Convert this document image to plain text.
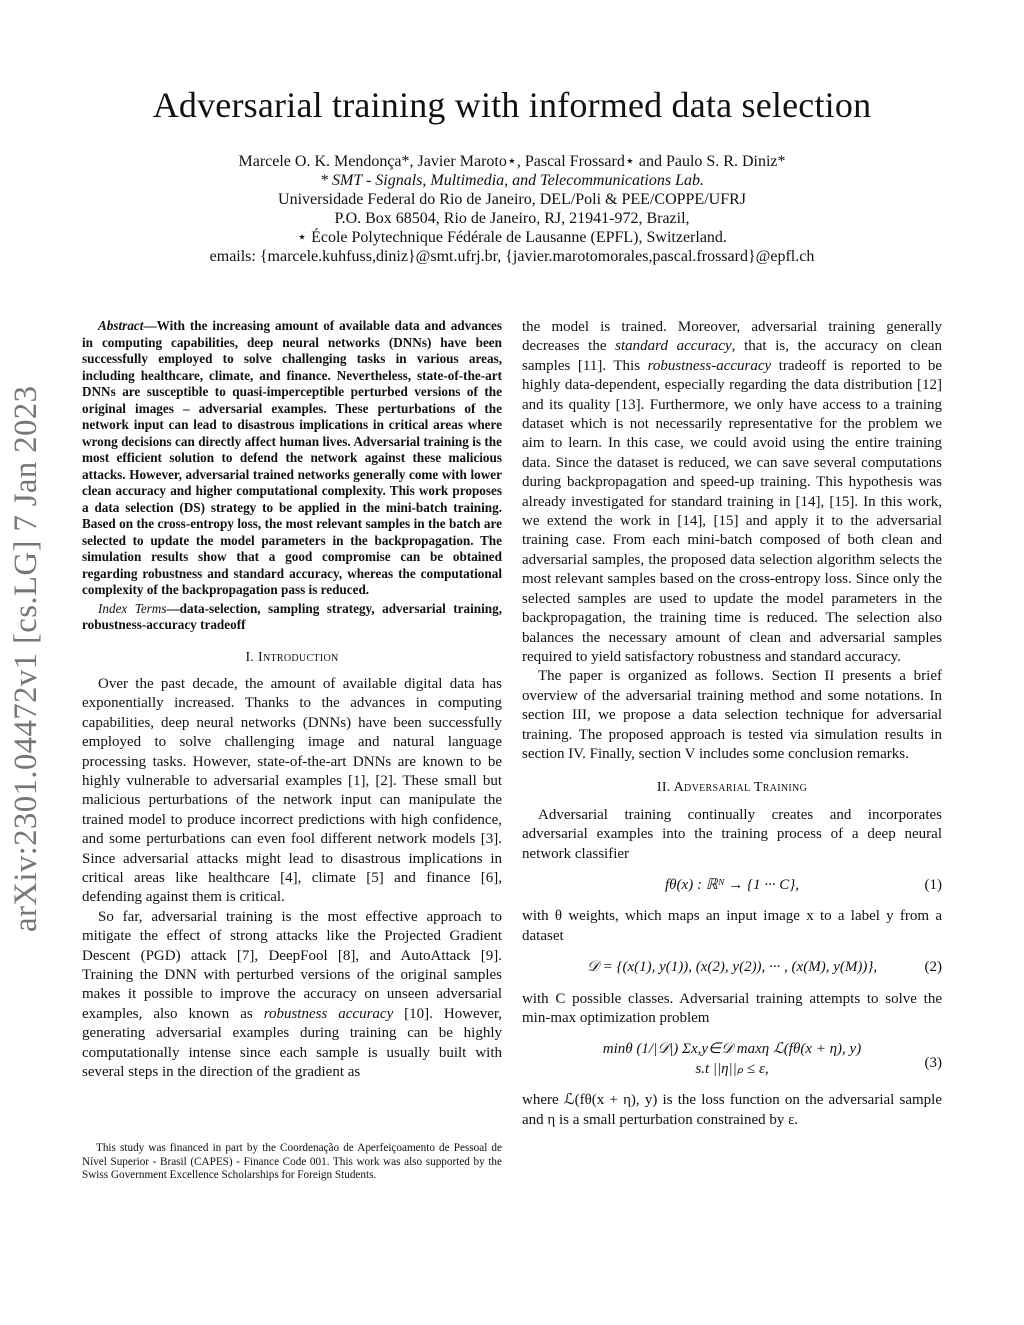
Adversarial training with informed data selection
Marcele O. K. Mendonça*, Javier Maroto⋆, Pascal Frossard⋆ and Paulo S. R. Diniz*
* SMT - Signals, Multimedia, and Telecommunications Lab.
Universidade Federal do Rio de Janeiro, DEL/Poli & PEE/COPPE/UFRJ
P.O. Box 68504, Rio de Janeiro, RJ, 21941-972, Brazil,
⋆ École Polytechnique Fédérale de Lausanne (EPFL), Switzerland.
emails: {marcele.kuhfuss,diniz}@smt.ufrj.br, {javier.marotomorales,pascal.frossard}@epfl.ch
arXiv:2301.04472v1 [cs.LG] 7 Jan 2023

Abstract—With the increasing amount of available data and advances in computing capabilities, deep neural networks (DNNs) have been successfully employed to solve challenging tasks in various areas, including healthcare, climate, and finance. Nevertheless, state-of-the-art DNNs are susceptible to quasi-imperceptible perturbed versions of the original images – adversarial examples. These perturbations of the network input can lead to disastrous implications in critical areas where wrong decisions can directly affect human lives. Adversarial training is the most efficient solution to defend the network against these malicious attacks. However, adversarial trained networks generally come with lower clean accuracy and higher computational complexity. This work proposes a data selection (DS) strategy to be applied in the mini-batch training. Based on the cross-entropy loss, the most relevant samples in the batch are selected to update the model parameters in the backpropagation. The simulation results show that a good compromise can be obtained regarding robustness and standard accuracy, whereas the computational complexity of the backpropagation pass is reduced.

Index Terms—data-selection, sampling strategy, adversarial training, robustness-accuracy tradeoff

I. Introduction

Over the past decade, the amount of available digital data has exponentially increased. Thanks to the advances in computing capabilities, deep neural networks (DNNs) have been successfully employed to solve challenging image and natural language processing tasks. However, state-of-the-art DNNs are known to be highly vulnerable to adversarial examples [1], [2]. These small but malicious perturbations of the network input can manipulate the trained model to produce incorrect predictions with high confidence, and some perturbations can even fool different network models [3]. Since adversarial attacks might lead to disastrous implications in critical areas like healthcare [4], climate [5] and finance [6], defending against them is critical.

So far, adversarial training is the most effective approach to mitigate the effect of strong attacks like the Projected Gradient Descent (PGD) attack [7], DeepFool [8], and AutoAttack [9]. Training the DNN with perturbed versions of the original samples makes it possible to improve the accuracy on unseen adversarial examples, also known as robustness accuracy [10]. However, generating adversarial examples during training can be highly computationally intense since each sample is usually built with several steps in the direction of the gradient as

This study was financed in part by the Coordenação de Aperfeiçoamento de Pessoal de Nível Superior - Brasil (CAPES) - Finance Code 001. This work was also supported by the Swiss Government Excellence Scholarships for Foreign Students.

the model is trained. Moreover, adversarial training generally decreases the standard accuracy, that is, the accuracy on clean samples [11]. This robustness-accuracy tradeoff is reported to be highly data-dependent, especially regarding the data distribution [12] and its quality [13]. Furthermore, we only have access to a training dataset which is not necessarily representative for the problem we aim to learn. In this case, we could avoid using the entire training data. Since the dataset is reduced, we can save several computations during backpropagation and speed-up training. This hypothesis was already investigated for standard training in [14], [15]. In this work, we extend the work in [14], [15] and apply it to the adversarial training case. From each mini-batch composed of both clean and adversarial samples, the proposed data selection algorithm selects the most relevant samples based on the cross-entropy loss. Since only the selected samples are used to update the model parameters in the backpropagation, the training time is reduced. The selection also balances the necessary amount of clean and adversarial samples required to yield satisfactory robustness and standard accuracy.

The paper is organized as follows. Section II presents a brief overview of the adversarial training method and some notations. In section III, we propose a data selection technique for adversarial training. The proposed approach is tested via simulation results in section IV. Finally, section V includes some conclusion remarks.

II. Adversarial Training

Adversarial training continually creates and incorporates adversarial examples into the training process of a deep neural network classifier

fθ(x) : ℝᴺ → {1 ··· C},	(1)

with θ weights, which maps an input image x to a label y from a dataset

𝒟 = {(x(1), y(1)), (x(2), y(2)), ··· , (x(M), y(M))},	(2)

with C possible classes. Adversarial training attempts to solve the min-max optimization problem

minθ (1/|𝒟|) Σx,y∈𝒟 maxη ℒ(fθ(x + η), y)
s.t ||η||ₚ ≤ ε,	(3)

where ℒ(fθ(x + η), y) is the loss function on the adversarial sample and η is a small perturbation constrained by ε.
